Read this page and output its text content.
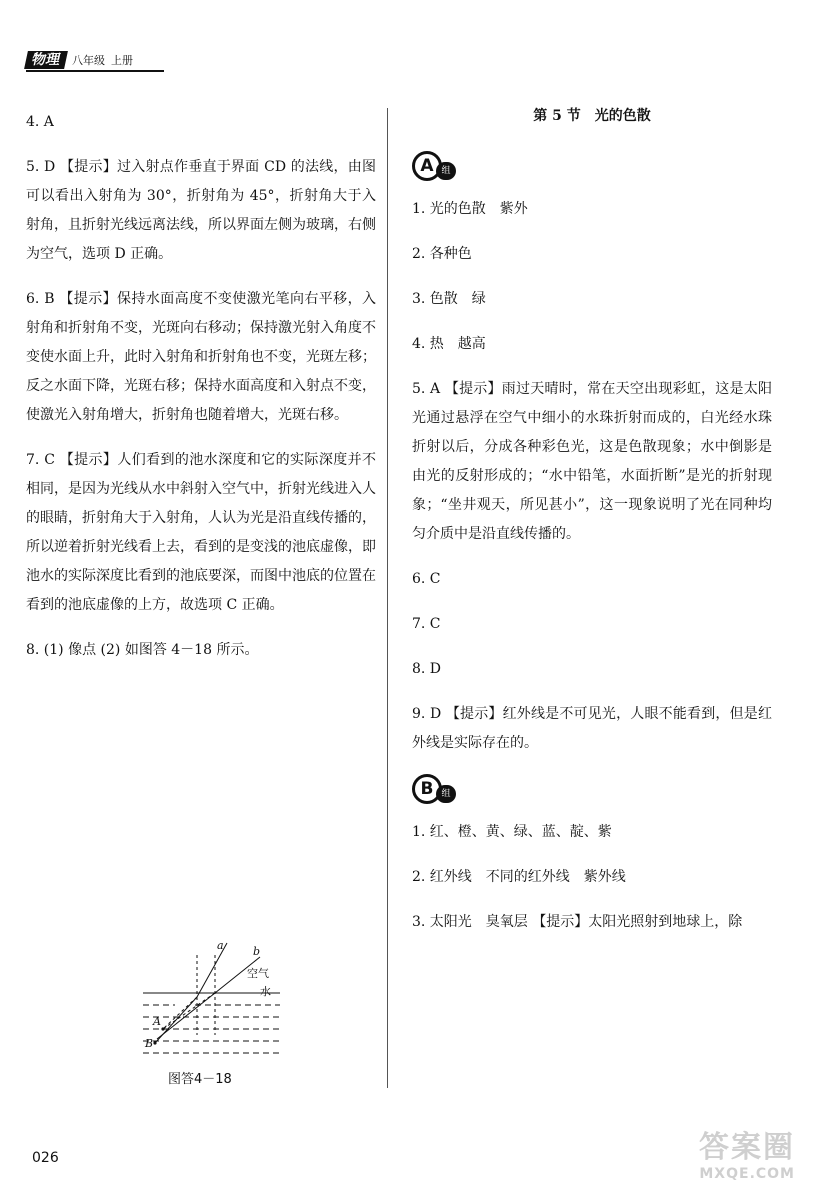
物理 八年级 上册
4. A
5. D 【提示】过入射点作垂直于界面 CD 的法线，由图可以看出入射角为 30°，折射角为 45°，折射角大于入射角，且折射光线远离法线，所以界面左侧为玻璃，右侧为空气，选项 D 正确。
6. B 【提示】保持水面高度不变使激光笔向右平移，入射角和折射角不变，光斑向右移动；保持激光射入角度不变使水面上升，此时入射角和折射角也不变，光斑左移；反之水面下降，光斑右移；保持水面高度和入射点不变，使激光入射角增大，折射角也随着增大，光斑右移。
7. C 【提示】人们看到的池水深度和它的实际深度并不相同，是因为光线从水中斜射入空气中，折射光线进入人的眼睛，折射角大于入射角，人认为光是沿直线传播的，所以逆着折射光线看上去，看到的是变浅的池底虚像，即池水的实际深度比看到的池底要深，而图中池底的位置在看到的池底虚像的上方，故选项 C 正确。
8. (1) 像点 (2) 如图答 4－18 所示。
a	b
A
B
空气
水
图答4－18
第 5 节　光的色散
A 组
1. 光的色散　紫外
2. 各种色
3. 色散　绿
4. 热　越高
5. A 【提示】雨过天晴时，常在天空出现彩虹，这是太阳光通过悬浮在空气中细小的水珠折射而成的，白光经水珠折射以后，分成各种彩色光，这是色散现象；水中倒影是由光的反射形成的；“水中铅笔，水面折断”是光的折射现象；“坐井观天，所见甚小”，这一现象说明了光在同种均匀介质中是沿直线传播的。
6. C
7. C
8. D
9. D 【提示】红外线是不可见光，人眼不能看到，但是红外线是实际存在的。
B 组
1. 红、橙、黄、绿、蓝、靛、紫
2. 红外线　不同的红外线　紫外线
3. 太阳光　臭氧层 【提示】太阳光照射到地球上，除
026	答案圈
MXQE.COM
